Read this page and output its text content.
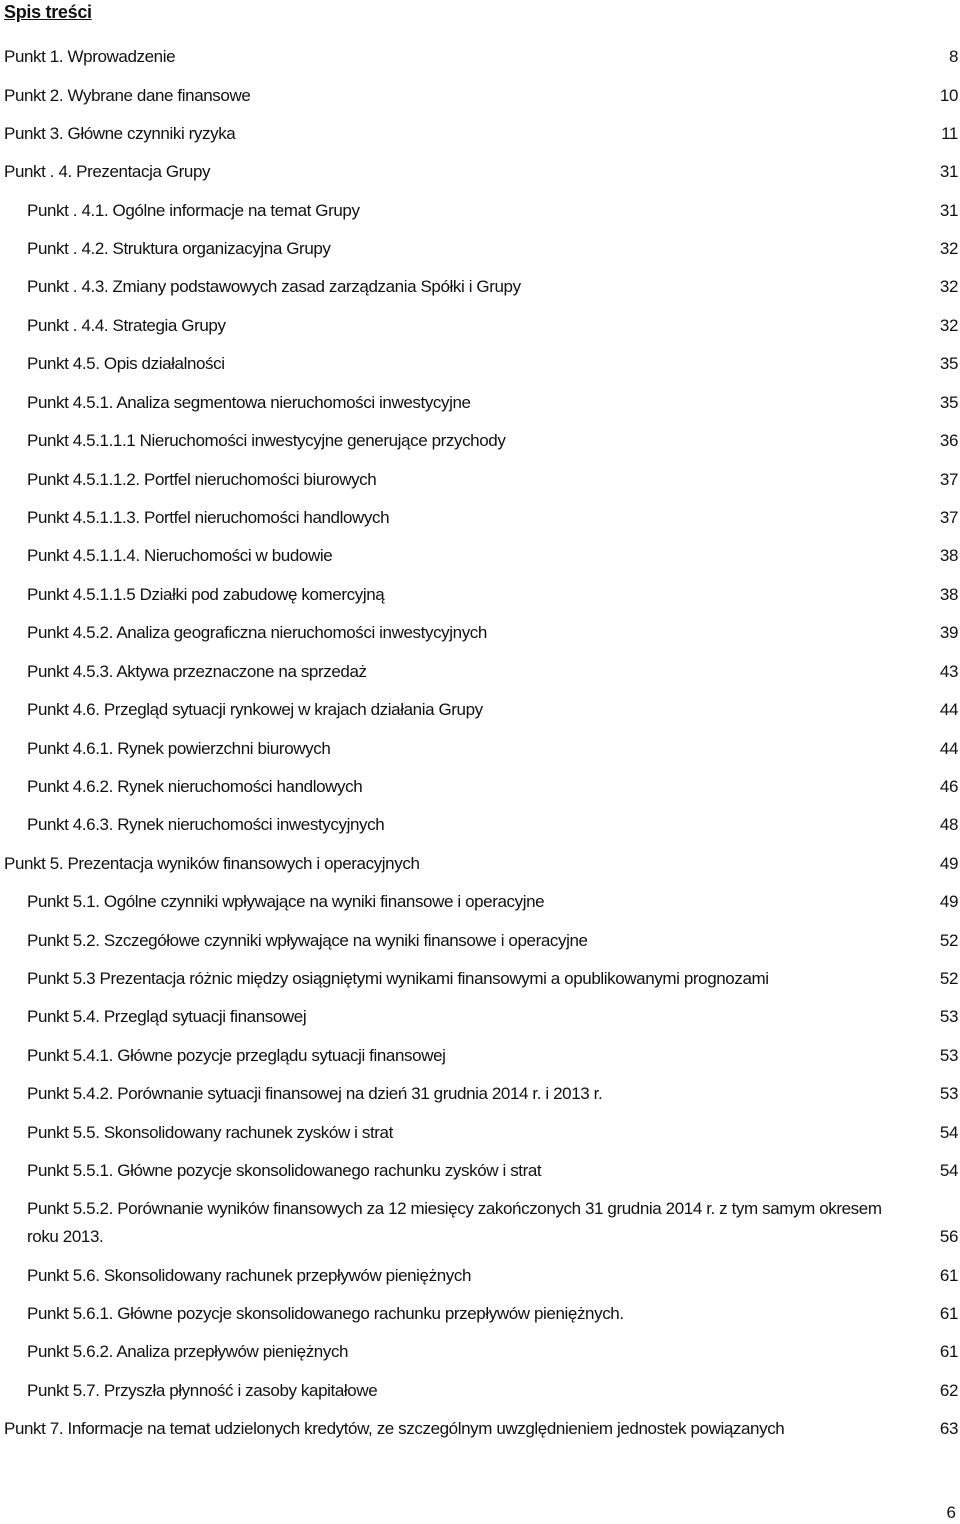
Spis treści
Punkt 1. Wprowadzenie	8
Punkt 2. Wybrane dane finansowe	10
Punkt 3. Główne czynniki ryzyka	11
Punkt . 4. Prezentacja Grupy	31
Punkt . 4.1. Ogólne informacje na temat Grupy	31
Punkt . 4.2. Struktura organizacyjna Grupy	32
Punkt . 4.3. Zmiany podstawowych zasad zarządzania Spółki i Grupy	32
Punkt . 4.4. Strategia Grupy	32
Punkt 4.5. Opis działalności	35
Punkt 4.5.1. Analiza segmentowa nieruchomości inwestycyjne	35
Punkt 4.5.1.1.1 Nieruchomości inwestycyjne generujące przychody	36
Punkt 4.5.1.1.2. Portfel nieruchomości biurowych	37
Punkt 4.5.1.1.3. Portfel nieruchomości handlowych	37
Punkt 4.5.1.1.4. Nieruchomości w budowie	38
Punkt 4.5.1.1.5 Działki pod zabudowę komercyjną	38
Punkt 4.5.2. Analiza geograficzna nieruchomości inwestycyjnych	39
Punkt 4.5.3. Aktywa przeznaczone na sprzedaż	43
Punkt 4.6. Przegląd sytuacji rynkowej w krajach działania Grupy	44
Punkt 4.6.1. Rynek powierzchni biurowych	44
Punkt 4.6.2. Rynek nieruchomości handlowych	46
Punkt 4.6.3. Rynek nieruchomości inwestycyjnych	48
Punkt 5. Prezentacja wyników finansowych i operacyjnych	49
Punkt 5.1. Ogólne czynniki wpływające na wyniki finansowe i operacyjne	49
Punkt 5.2. Szczegółowe czynniki wpływające na wyniki finansowe i operacyjne	52
Punkt 5.3 Prezentacja różnic między osiągniętymi wynikami finansowymi a opublikowanymi prognozami	52
Punkt 5.4. Przegląd sytuacji finansowej	53
Punkt 5.4.1. Główne pozycje przeglądu sytuacji finansowej	53
Punkt 5.4.2. Porównanie sytuacji finansowej na dzień 31 grudnia 2014 r. i 2013 r.	53
Punkt 5.5. Skonsolidowany rachunek zysków i strat	54
Punkt 5.5.1. Główne pozycje skonsolidowanego rachunku zysków i strat	54
Punkt 5.5.2. Porównanie wyników finansowych za 12 miesięcy zakończonych 31 grudnia 2014 r. z tym samym okresem
roku 2013.	56
Punkt 5.6. Skonsolidowany rachunek przepływów pieniężnych	61
Punkt 5.6.1. Główne pozycje skonsolidowanego rachunku przepływów pieniężnych.	61
Punkt 5.6.2. Analiza przepływów pieniężnych	61
Punkt 5.7. Przyszła płynność i zasoby kapitałowe	62
Punkt 7. Informacje na temat udzielonych kredytów, ze szczególnym uwzględnieniem jednostek powiązanych	63
6
